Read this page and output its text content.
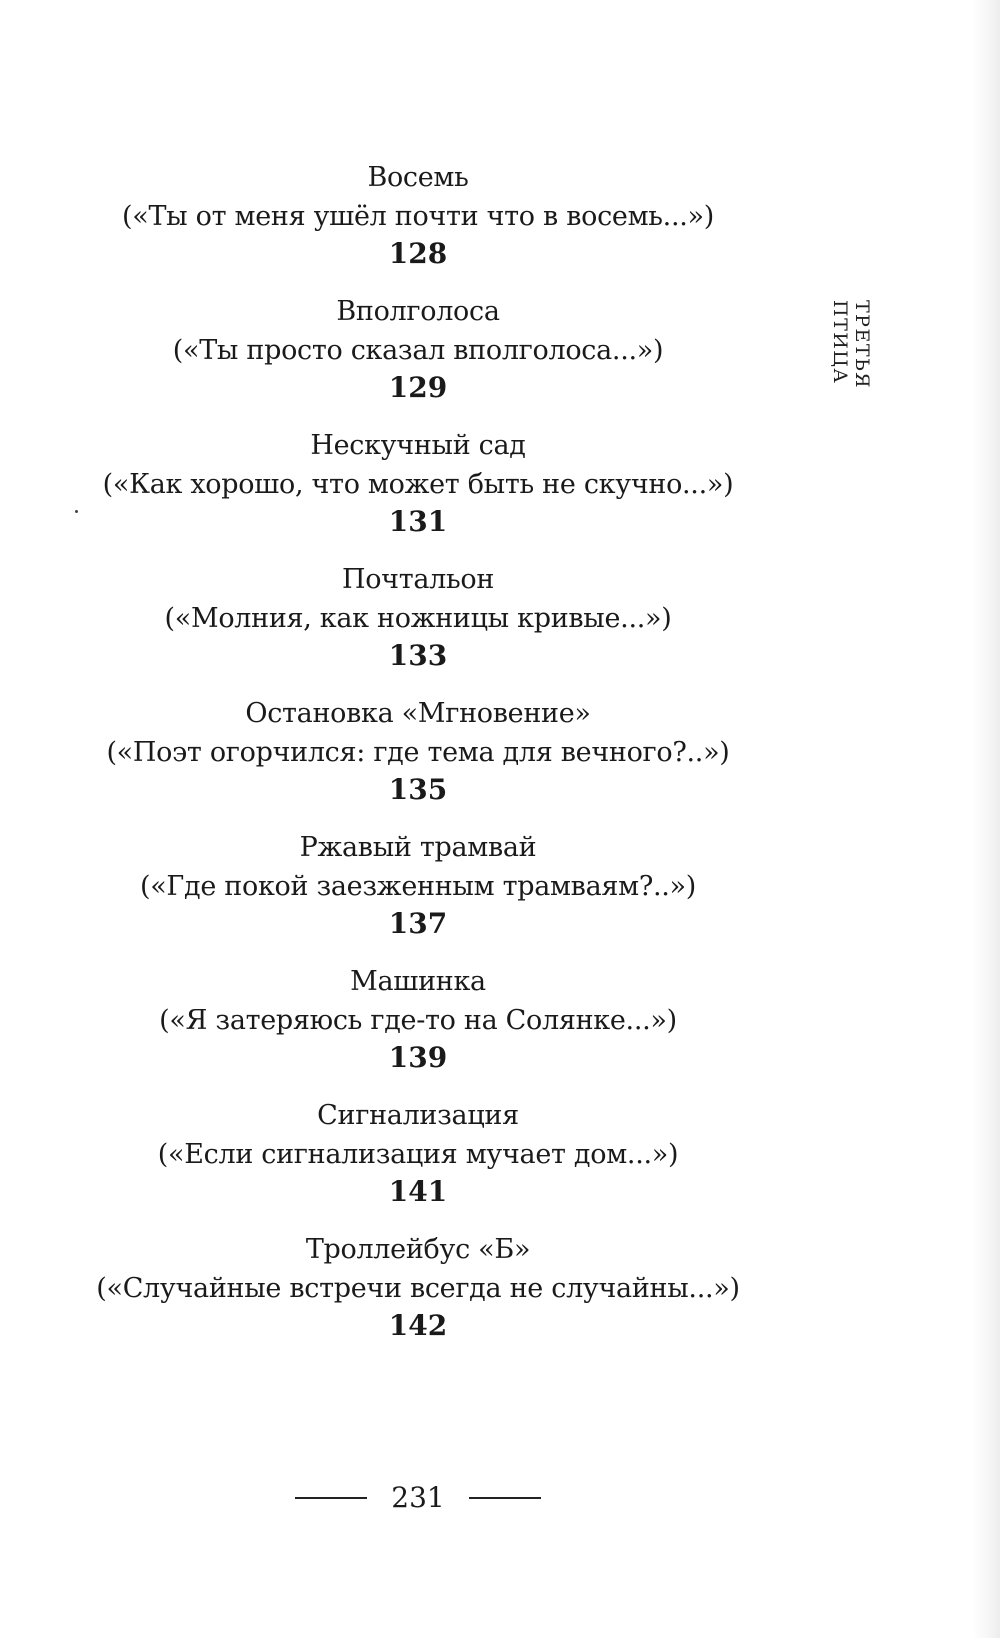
ТРЕТЬЯ ПТИЦА
Восемь
(«Ты от меня ушёл почти что в восемь...»)
128
Вполголоса
(«Ты просто сказал вполголоса...»)
129
Нескучный сад
(«Как хорошо, что может быть не скучно...»)
131
Почтальон
(«Молния, как ножницы кривые...»)
133
Остановка «Мгновение»
(«Поэт огорчился: где тема для вечного?..»)
135
Ржавый трамвай
(«Где покой заезженным трамваям?..»)
137
Машинка
(«Я затеряюсь где-то на Солянке...»)
139
Сигнализация
(«Если сигнализация мучает дом...»)
141
Троллейбус «Б»
(«Случайные встречи всегда не случайны...»)
142
231
